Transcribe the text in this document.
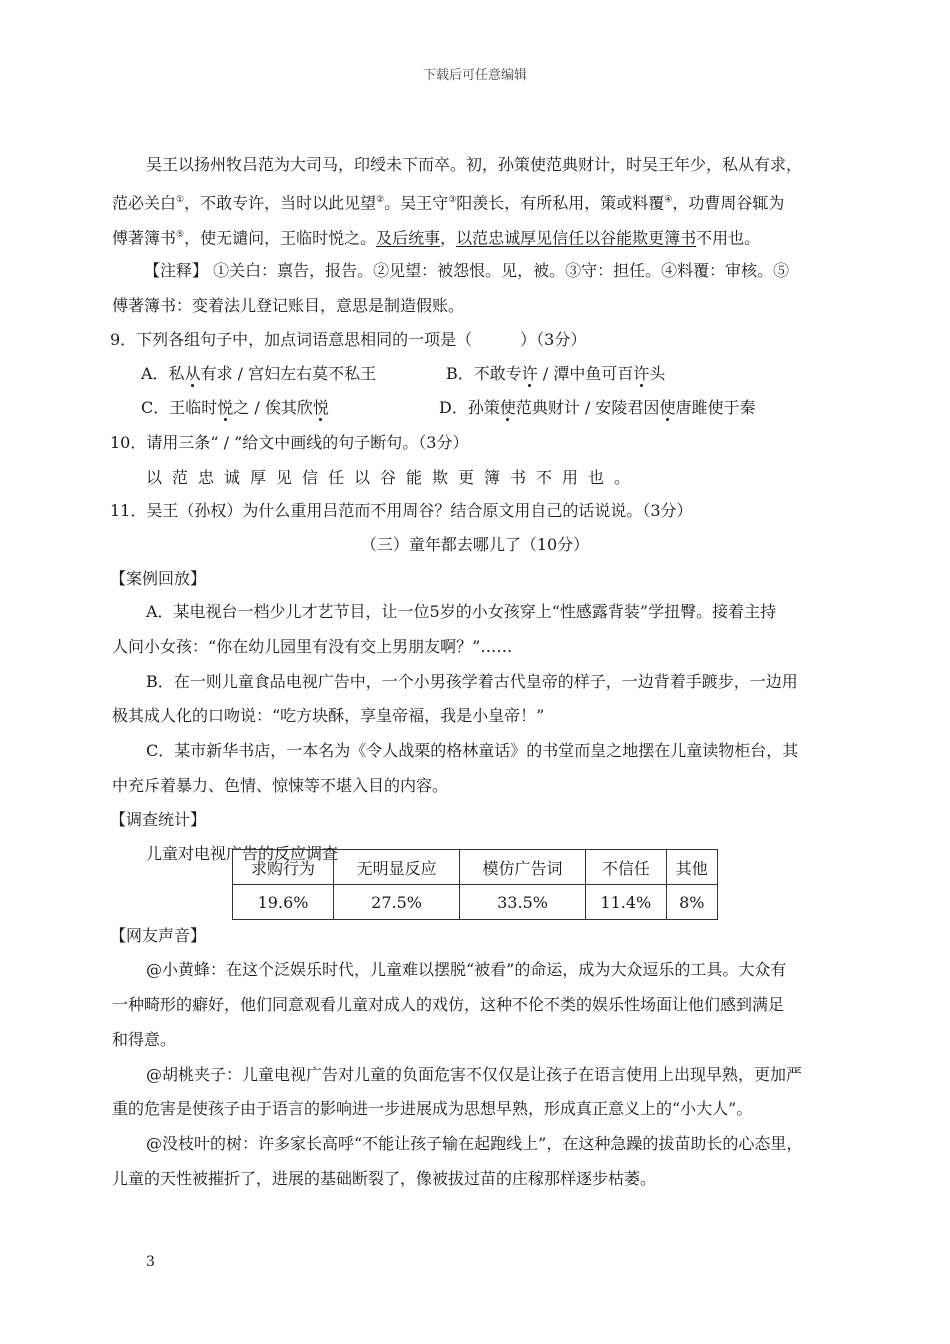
下载后可任意编辑
吴王以扬州牧吕范为大司马，印绶未下而卒。初，孙策使范典财计，时吴王年少，私从有求，
范必关白①，不敢专许，当时以此见望②。吴王守③阳羡长，有所私用，策或料覆④，功曹周谷辄为
傅著簿书⑤，使无谴问，王临时悦之。及后统事，以范忠诚厚见信任以谷能欺更簿书不用也。
【注释】 ①关白：禀告，报告。②见望：被怨恨。见，被。③守：担任。④料覆：审核。⑤
傅著簿书：变着法儿登记账目，意思是制造假账。
9．下列各组句子中，加点词语意思相同的一项是（　　　）（3分）
A．私从有求 / 宫妇左右莫不私王	B．不敢专许 / 潭中鱼可百许头
C．王临时悦之 / 俟其欣悦	D．孙策使范典财计 / 安陵君因使唐雎使于秦
10．请用三条“ / ”给文中画线的句子断句。（3分）
以范忠诚厚见信任以谷能欺更簿书不用也。
11．吴王（孙权）为什么重用吕范而不用周谷？结合原文用自己的话说说。（3分）
（三）童年都去哪儿了（10分）
【案例回放】
A．某电视台一档少儿才艺节目，让一位5岁的小女孩穿上“性感露背装”学扭臀。接着主持
人问小女孩：“你在幼儿园里有没有交上男朋友啊？”……
B．在一则儿童食品电视广告中，一个小男孩学着古代皇帝的样子，一边背着手踱步，一边用
极其成人化的口吻说：“吃方块酥，享皇帝福，我是小皇帝！”
C．某市新华书店，一本名为《令人战栗的格林童话》的书堂而皇之地摆在儿童读物柜台，其
中充斥着暴力、色情、惊悚等不堪入目的内容。
【调查统计】
儿童对电视广告的反应调查
求购行为	无明显反应	模仿广告词	不信任	其他
19.6%	27.5%	33.5%	11.4%	8%
【网友声音】
@小黄蜂：在这个泛娱乐时代，儿童难以摆脱“被看”的命运，成为大众逗乐的工具。大众有
一种畸形的癖好，他们同意观看儿童对成人的戏仿，这种不伦不类的娱乐性场面让他们感到满足
和得意。
@胡桃夹子：儿童电视广告对儿童的负面危害不仅仅是让孩子在语言使用上出现早熟，更加严
重的危害是使孩子由于语言的影响进一步进展成为思想早熟，形成真正意义上的“小大人”。
@没枝叶的树：许多家长高呼“不能让孩子输在起跑线上”，在这种急躁的拔苗助长的心态里，
儿童的天性被摧折了，进展的基础断裂了，像被拔过苗的庄稼那样逐步枯萎。
3
